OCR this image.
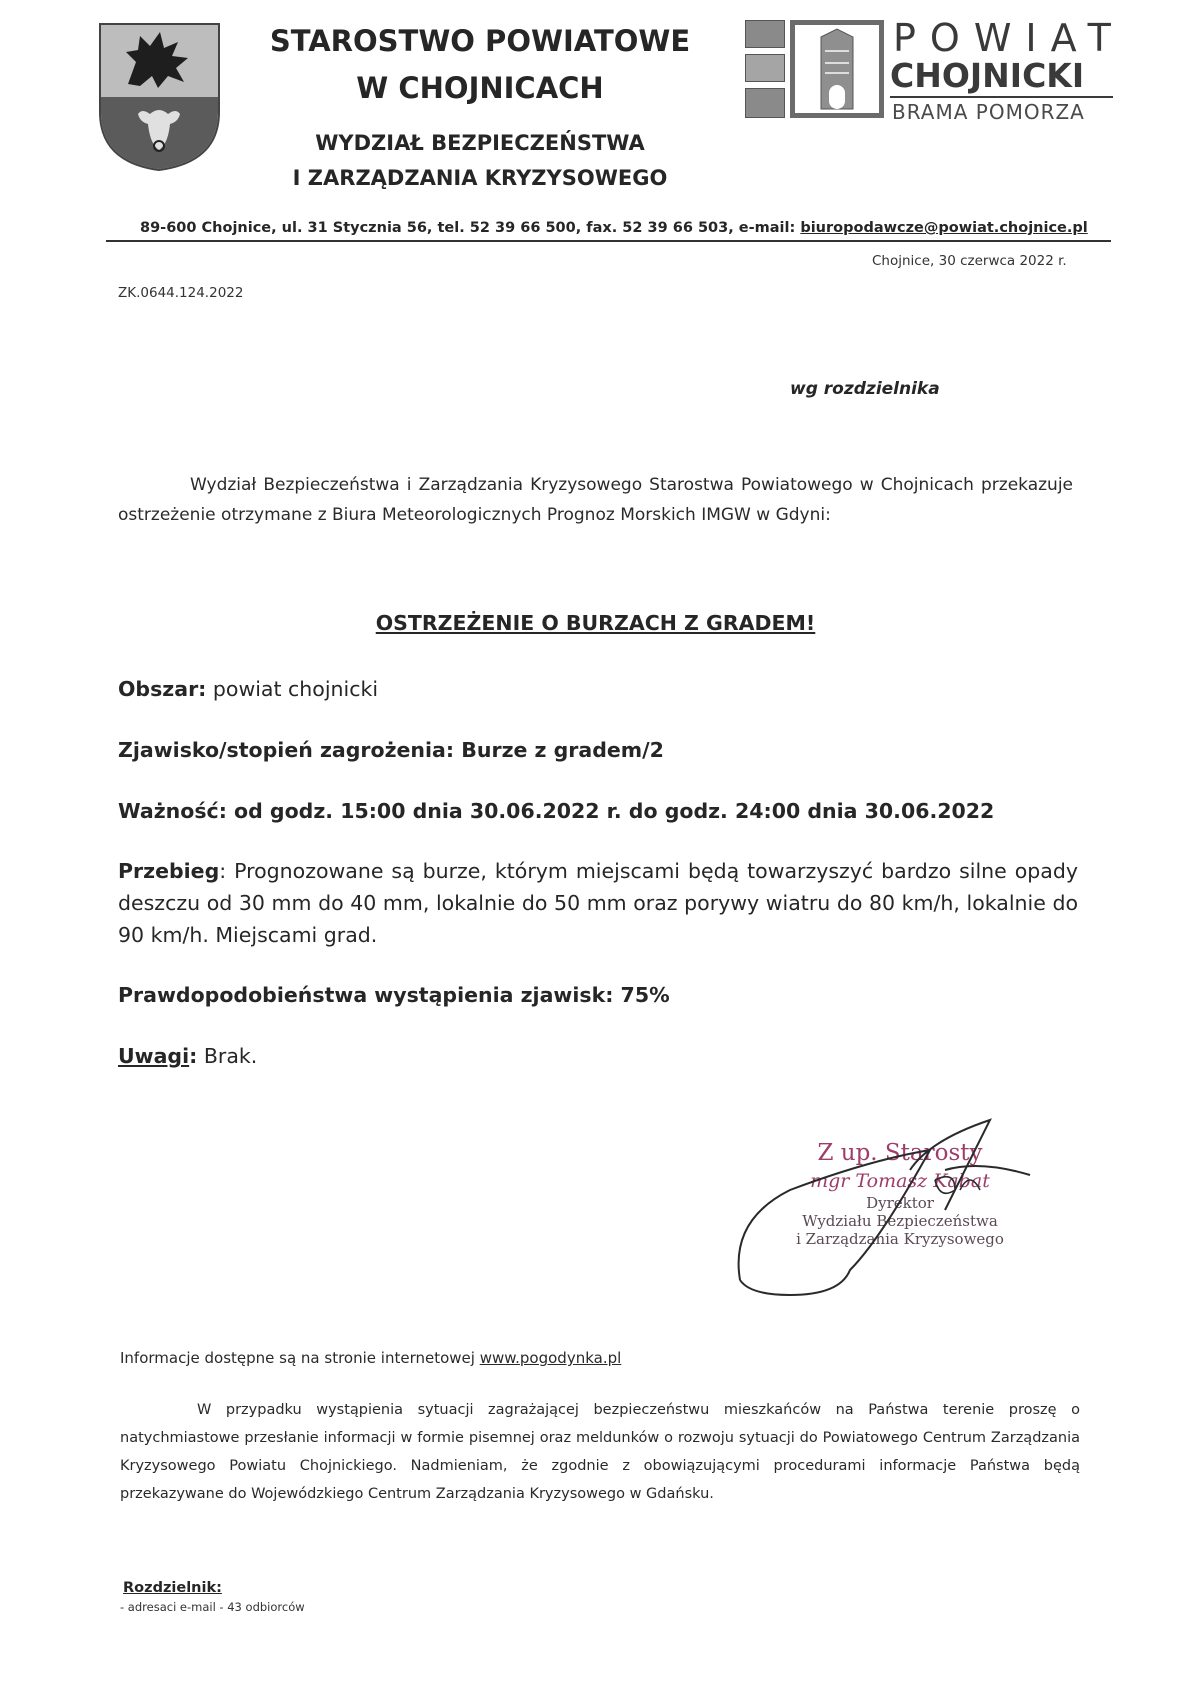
STAROSTWO POWIATOWE
W CHOJNICACH
WYDZIAŁ BEZPIECZEŃSTWA
I ZARZĄDZANIA KRYZYSOWEGO
POWIAT
CHOJNICKI
BRAMA POMORZA
89-600 Chojnice, ul. 31 Stycznia 56, tel. 52 39 66 500, fax. 52 39 66 503, e-mail: biuropodawcze@powiat.chojnice.pl
Chojnice, 30 czerwca 2022 r.
ZK.0644.124.2022
wg rozdzielnika
Wydział Bezpieczeństwa i Zarządzania Kryzysowego Starostwa Powiatowego w Chojnicach przekazuje ostrzeżenie otrzymane z Biura Meteorologicznych Prognoz Morskich IMGW w Gdyni:
OSTRZEŻENIE O BURZACH Z GRADEM!
Obszar: powiat chojnicki
Zjawisko/stopień zagrożenia: Burze z gradem/2
Ważność: od godz. 15:00 dnia 30.06.2022 r. do godz. 24:00 dnia 30.06.2022
Przebieg: Prognozowane są burze, którym miejscami będą towarzyszyć bardzo silne opady deszczu od 30 mm do 40 mm, lokalnie do 50 mm oraz porywy wiatru do 80 km/h, lokalnie do 90 km/h. Miejscami grad.
Prawdopodobieństwa wystąpienia zjawisk: 75%
Uwagi: Brak.
Z up. Starosty
mgr Tomasz Kabat
Dyrektor
Wydziału Bezpieczeństwa
i Zarządzania Kryzysowego
Informacje dostępne są na stronie internetowej www.pogodynka.pl
W przypadku wystąpienia sytuacji zagrażającej bezpieczeństwu mieszkańców na Państwa terenie proszę o natychmiastowe przesłanie informacji w formie pisemnej oraz meldunków o rozwoju sytuacji do Powiatowego Centrum Zarządzania Kryzysowego Powiatu Chojnickiego. Nadmieniam, że zgodnie z obowiązującymi procedurami informacje Państwa będą przekazywane do Wojewódzkiego Centrum Zarządzania Kryzysowego w Gdańsku.
Rozdzielnik:
- adresaci e-mail - 43 odbiorców
